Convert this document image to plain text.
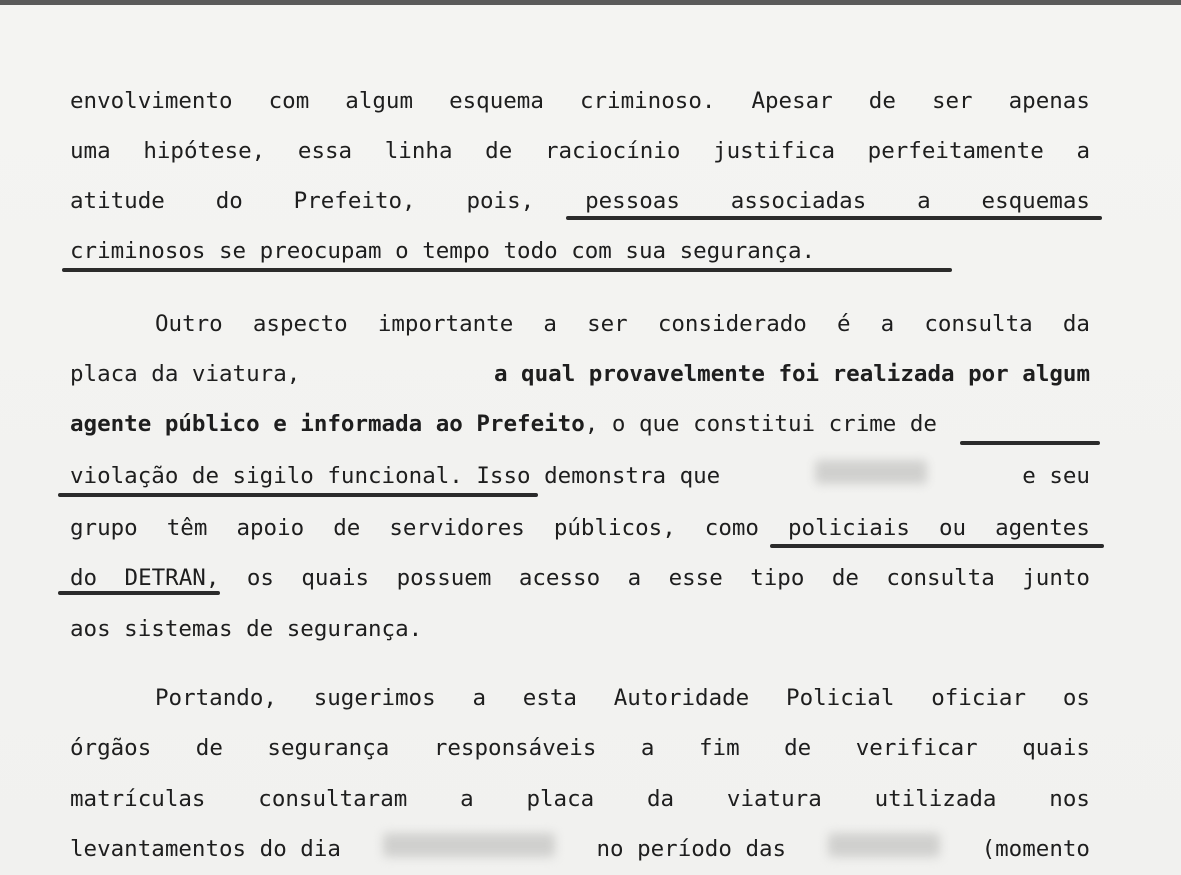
envolvimento com algum esquema criminoso. Apesar de ser apenas
uma hipótese, essa linha de raciocínio justifica perfeitamente a
atitude do Prefeito, pois, pessoas associadas a esquemas
criminosos se preocupam o tempo todo com sua segurança.
Outro aspecto importante a ser considerado é a consulta da
placa da viatura,	a qual provavelmente foi realizada por algum
agente público e informada ao Prefeito, o que constitui crime de
violação de sigilo funcional. Isso demonstra que	e seu
grupo têm apoio de servidores públicos, como policiais ou agentes
do DETRAN, os quais possuem acesso a esse tipo de consulta junto
aos sistemas de segurança.
Portando, sugerimos a esta Autoridade Policial oficiar os
órgãos de segurança responsáveis a fim de verificar quais
matrículas consultaram a placa da viatura utilizada nos
levantamentos do dia	no período das	(momento
